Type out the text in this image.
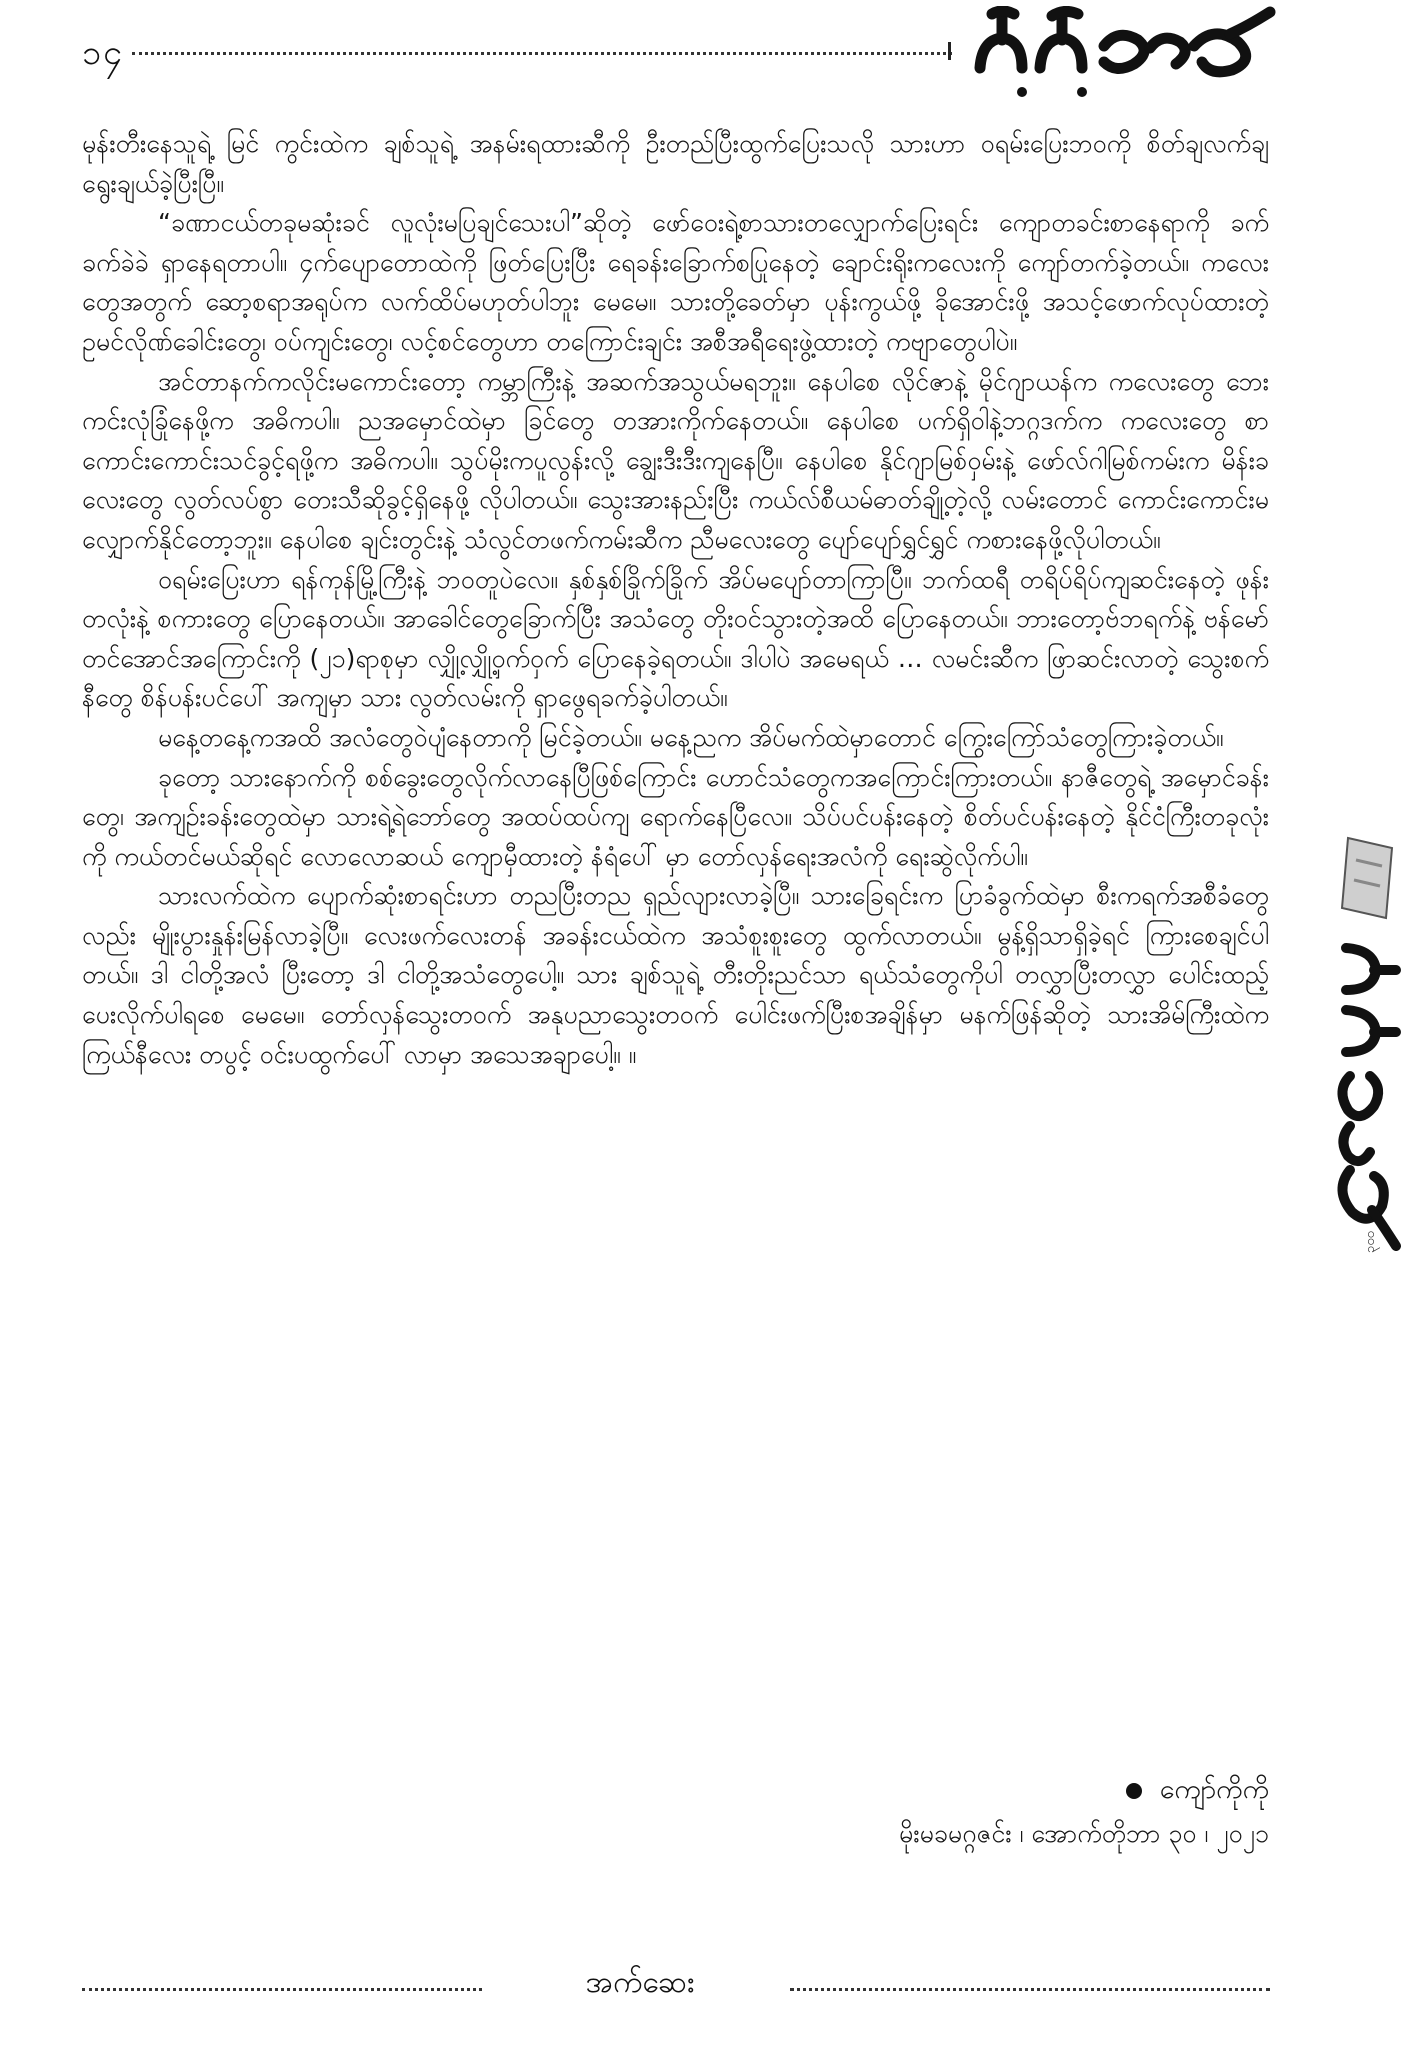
၁၄

မုန်းတီးနေသူရဲ့ မြင် ကွင်းထဲက ချစ်သူရဲ့ အနမ်းရထားဆီကို ဦးတည်ပြီးထွက်ပြေးသလို သားဟာ ဝရမ်းပြေးဘဝကို စိတ်ချလက်ချ ရွေးချယ်ခဲ့ပြီးပြီ။

“ခဏာငယ်တခုမဆုံးခင် လူလုံးမပြချင်သေးပါ”ဆိုတဲ့ ဖော်ဝေးရဲ့စာသားတလျှောက်ပြေးရင်း ကျောတခင်းစာနေရာကို ခက်ခက်ခဲခဲ ရှာနေရတာပါ။ ၄က်ပျောတောထဲကို ဖြတ်ပြေးပြီး ရေခန်းခြောက်စပြုနေတဲ့ ချောင်းရိုးကလေးကို ကျော်တက်ခဲ့တယ်။ ကလေးတွေအတွက် ဆော့စရာအရုပ်က လက်ထိပ်မဟုတ်ပါဘူး မေမေ။ သားတို့ခေတ်မှာ ပုန်းကွယ်ဖို့ ခိုအောင်းဖို့ အသင့်ဖောက်လုပ်ထားတဲ့ ဥမင်လိုဏ်ခေါင်းတွေ၊ ဝပ်ကျင်းတွေ၊ လင့်စင်တွေဟာ တကြောင်းချင်း အစီအရီရေးဖွဲ့ထားတဲ့ ကဗျာတွေပါပဲ။

အင်တာနက်ကလိုင်းမကောင်းတော့ ကမ္ဘာကြီးနဲ့ အဆက်အသွယ်မရဘူး။ နေပါစေ လိုင်ဇာနဲ့ မိုင်ဂျာယန်က ကလေးတွေ ဘေးကင်းလုံခြုံနေဖို့က အဓိကပါ။ ညအမှောင်ထဲမှာ ခြင်တွေ တအားကိုက်နေတယ်။ နေပါစေ ပက်ရှိဝါနဲ့ဘဂ္ဂဒက်က ကလေးတွေ စာကောင်းကောင်းသင်ခွင့်ရဖို့က အဓိကပါ။ သွပ်မိုးကပူလွန်းလို့ ချွေးဒီးဒီးကျနေပြီ။ နေပါစေ နိုင်ဂျာမြစ်ဝှမ်းနဲ့ ဖော်လ်ဂါမြစ်ကမ်းက မိန်းခလေးတွေ လွတ်လပ်စွာ တေးသီဆိုခွင့်ရှိနေဖို့ လိုပါတယ်။ သွေးအားနည်းပြီး ကယ်လ်စီယမ်ဓာတ်ချို့တဲ့လို့ လမ်းတောင် ကောင်းကောင်းမလျှောက်နိုင်တော့ဘူး။ နေပါစေ ချင်းတွင်းနဲ့ သံလွင်တဖက်ကမ်းဆီက ညီမလေးတွေ ပျော်ပျော်ရွှင်ရွှင် ကစားနေဖို့လိုပါတယ်။

ဝရမ်းပြေးဟာ ရန်ကုန်မြို့ကြီးနဲ့ ဘဝတူပဲလေ။ နှစ်နှစ်ခြိုက်ခြိုက် အိပ်မပျော်တာကြာပြီ။ ဘက်ထရီ တရိပ်ရိပ်ကျဆင်းနေတဲ့ ဖုန်းတလုံးနဲ့ စကားတွေ ပြောနေတယ်။ အာခေါင်တွေခြောက်ပြီး အသံတွေ တိုးဝင်သွားတဲ့အထိ ပြောနေတယ်။ ဘားတော့ဗ်ဘရက်နဲ့ ဗန်မော်တင်အောင်အကြောင်းကို (၂၁)ရာစုမှာ လျှို့လျှို့ဝှက်ဝှက် ပြောနေခဲ့ရတယ်။ ဒါပါပဲ အမေရယ် … လမင်းဆီက ဖြာဆင်းလာတဲ့ သွေးစက်နီတွေ စိန်ပန်းပင်ပေါ် အကျမှာ သား လွတ်လမ်းကို ရှာဖွေရခက်ခဲ့ပါတယ်။

မနေ့တနေ့ကအထိ အလံတွေဝဲပျံနေတာကို မြင်ခဲ့တယ်။ မနေ့ညက အိပ်မက်ထဲမှာတောင် ကြွေးကြော်သံတွေကြားခဲ့တယ်။

ခုတော့ သားနောက်ကို စစ်ခွေးတွေလိုက်လာနေပြီဖြစ်ကြောင်း ဟောင်သံတွေကအကြောင်းကြားတယ်။ နာဇီတွေရဲ့ အမှောင်ခန်းတွေ၊ အကျဉ်းခန်းတွေထဲမှာ သားရဲ့ရဲဘော်တွေ အထပ်ထပ်ကျ ရောက်နေပြီလေ။ သိပ်ပင်ပန်းနေတဲ့ စိတ်ပင်ပန်းနေတဲ့ နိုင်ငံကြီးတခုလုံးကို ကယ်တင်မယ်ဆိုရင် လောလောဆယ် ကျောမှီထားတဲ့ နံရံပေါ် မှာ တော်လှန်ရေးအလံကို ရေးဆွဲလိုက်ပါ။

သားလက်ထဲက ပျောက်ဆုံးစာရင်းဟာ တညပြီးတည ရှည်လျားလာခဲ့ပြီ။ သားခြေရင်းက ပြာခံခွက်ထဲမှာ စီးကရက်အစီခံတွေလည်း မျိုးပွားနှုန်းမြန်လာခဲ့ပြီ။ လေးဖက်လေးတန် အခန်းငယ်ထဲက အသံစူးစူးတွေ ထွက်လာတယ်။ မွန့်ရှိသာရှိခဲ့ရင် ကြားစေချင်ပါတယ်။ ဒါ ငါတို့အလံ ပြီးတော့ ဒါ ငါတို့အသံတွေပေါ့။ သား ချစ်သူရဲ့ တီးတိုးညင်သာ ရယ်သံတွေကိုပါ တလွှာပြီးတလွှာ ပေါင်းထည့်ပေးလိုက်ပါရစေ မေမေ။ တော်လှန်သွေးတဝက် အနုပညာသွေးတဝက် ပေါင်းဖက်ပြီးစအချိန်မှာ မနက်ဖြန်ဆိုတဲ့ သားအိမ်ကြီးထဲက ကြယ်နီလေး တပွင့် ဝင်းပထွက်ပေါ် လာမှာ အသေအချာပေါ့။ ။

ကျော်ကိုကို
မိုးမခမဂ္ဂဇင်း ၊ အောက်တိုဘာ ၃၀ ၊ ၂၀၂၁
အက်ဆေး
၃၀၀
မိုးမခ
